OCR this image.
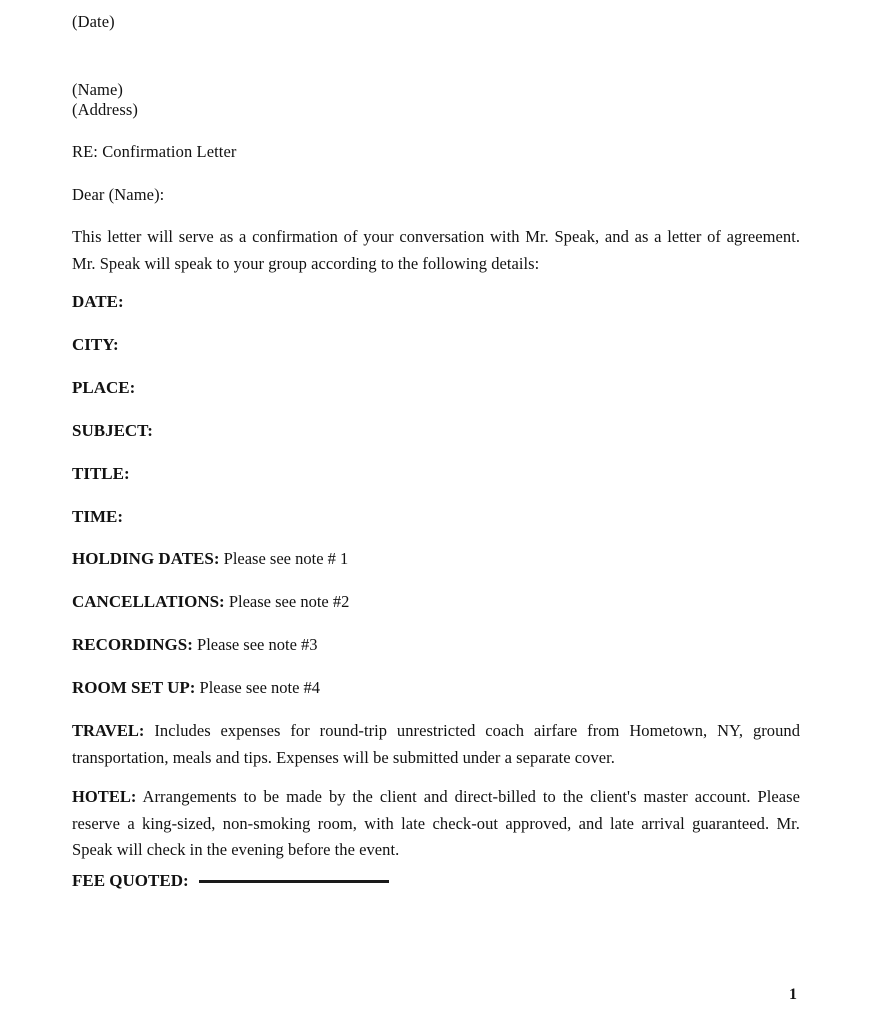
(Date)
(Name)
(Address)
RE: Confirmation Letter
Dear (Name):
This letter will serve as a confirmation of your conversation with Mr. Speak, and as a letter of agreement. Mr. Speak will speak to your group according to the following details:
DATE:
CITY:
PLACE:
SUBJECT:
TITLE:
TIME:
HOLDING DATES: Please see note # 1
CANCELLATIONS: Please see note #2
RECORDINGS: Please see note #3
ROOM SET UP: Please see note #4
TRAVEL: Includes expenses for round-trip unrestricted coach airfare from Hometown, NY, ground transportation, meals and tips. Expenses will be submitted under a separate cover.
HOTEL: Arrangements to be made by the client and direct-billed to the client's master account. Please reserve a king-sized, non-smoking room, with late check-out approved, and late arrival guaranteed. Mr. Speak will check in the evening before the event.
FEE QUOTED:
1
